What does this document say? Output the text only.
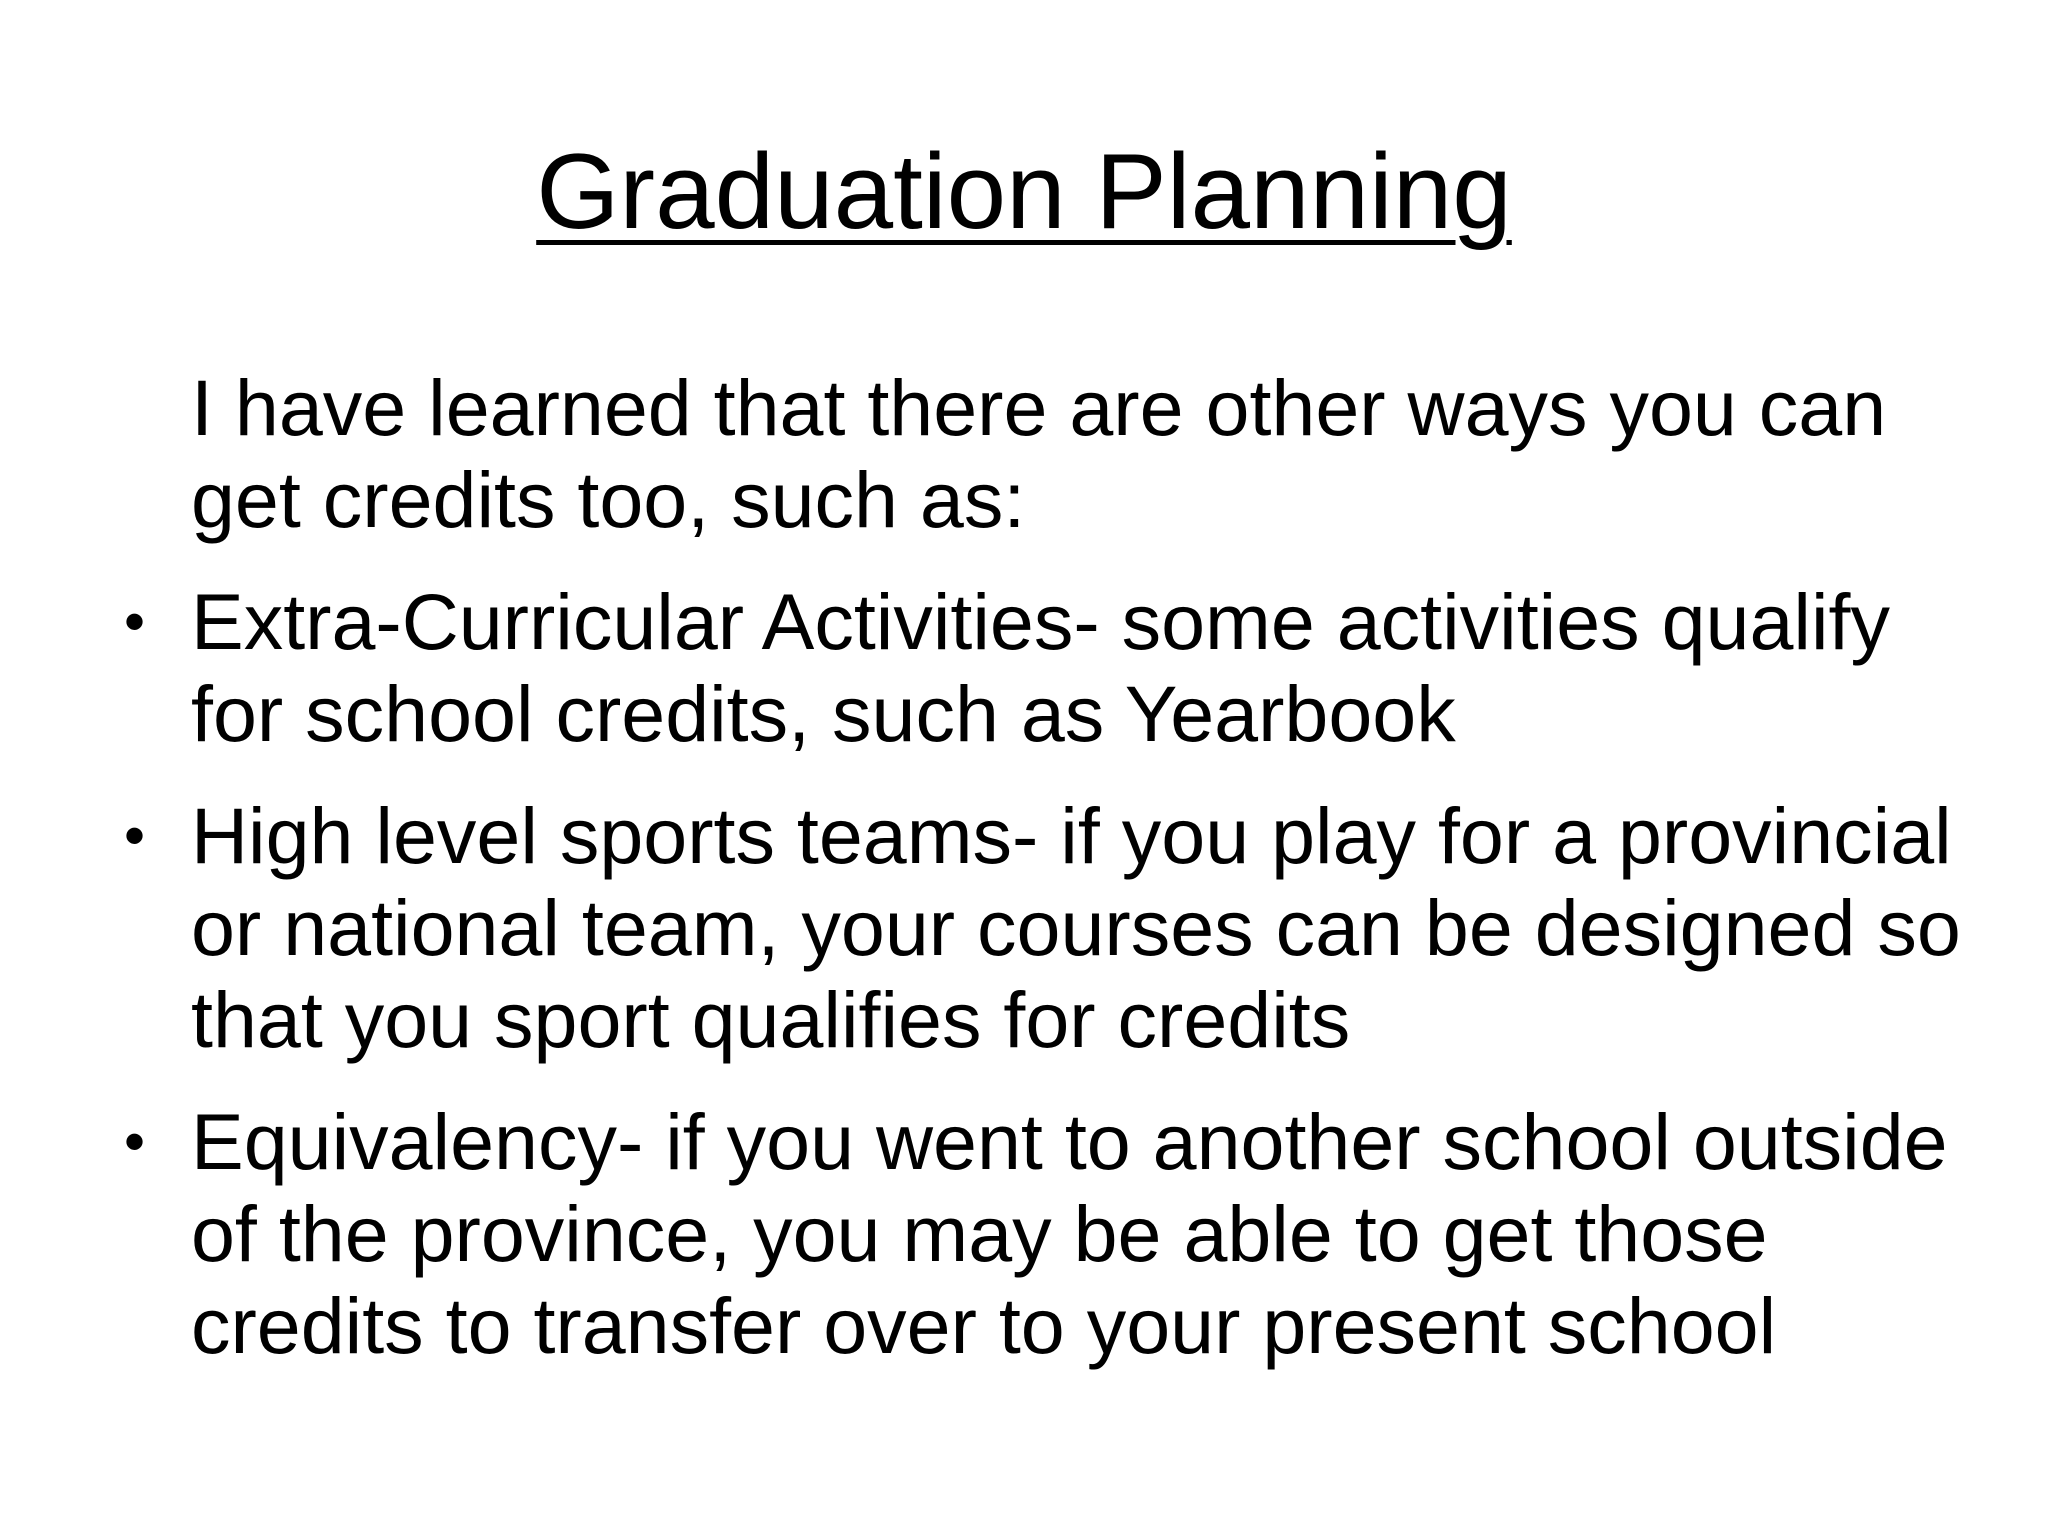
Graduation Planning

I have learned that there are other ways you can get credits too, such as:

• Extra-Curricular Activities- some activities qualify for school credits, such as Yearbook
• High level sports teams- if you play for a provincial or national team, your courses can be designed so that you sport qualifies for credits
• Equivalency- if you went to another school outside of the province, you may be able to get those credits to transfer over to your present school
